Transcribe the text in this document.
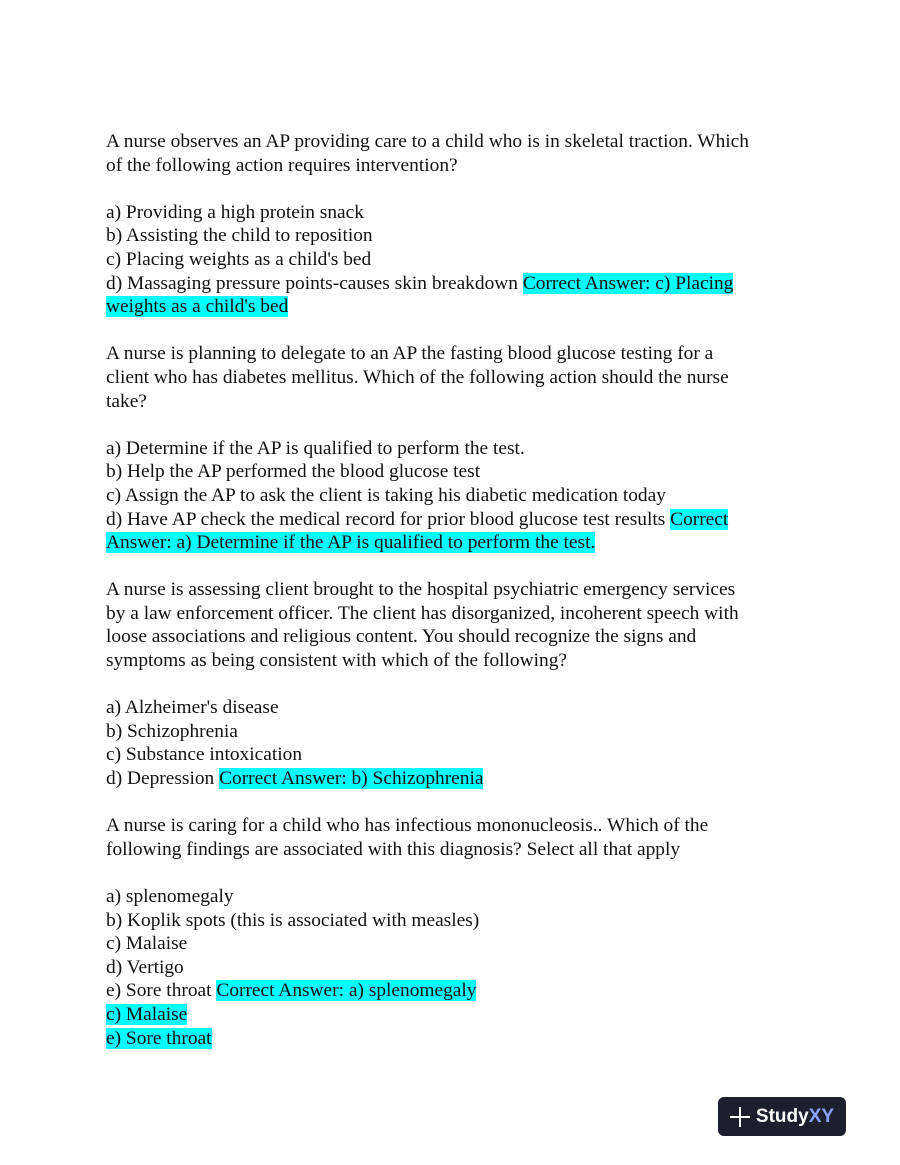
A nurse observes an AP providing care to a child who is in skeletal traction. Which
of the following action requires intervention?
a) Providing a high protein snack
b) Assisting the child to reposition
c) Placing weights as a child's bed
d) Massaging pressure points-causes skin breakdown Correct Answer: c) Placing
weights as a child's bed
A nurse is planning to delegate to an AP the fasting blood glucose testing for a
client who has diabetes mellitus. Which of the following action should the nurse
take?
a) Determine if the AP is qualified to perform the test.
b) Help the AP performed the blood glucose test
c) Assign the AP to ask the client is taking his diabetic medication today
d) Have AP check the medical record for prior blood glucose test results Correct
Answer: a) Determine if the AP is qualified to perform the test.
A nurse is assessing client brought to the hospital psychiatric emergency services
by a law enforcement officer. The client has disorganized, incoherent speech with
loose associations and religious content. You should recognize the signs and
symptoms as being consistent with which of the following?
a) Alzheimer's disease
b) Schizophrenia
c) Substance intoxication
d) Depression Correct Answer: b) Schizophrenia
A nurse is caring for a child who has infectious mononucleosis.. Which of the
following findings are associated with this diagnosis? Select all that apply
a) splenomegaly
b) Koplik spots (this is associated with measles)
c) Malaise
d) Vertigo
e) Sore throat Correct Answer: a) splenomegaly
c) Malaise
e) Sore throat
StudyXY
